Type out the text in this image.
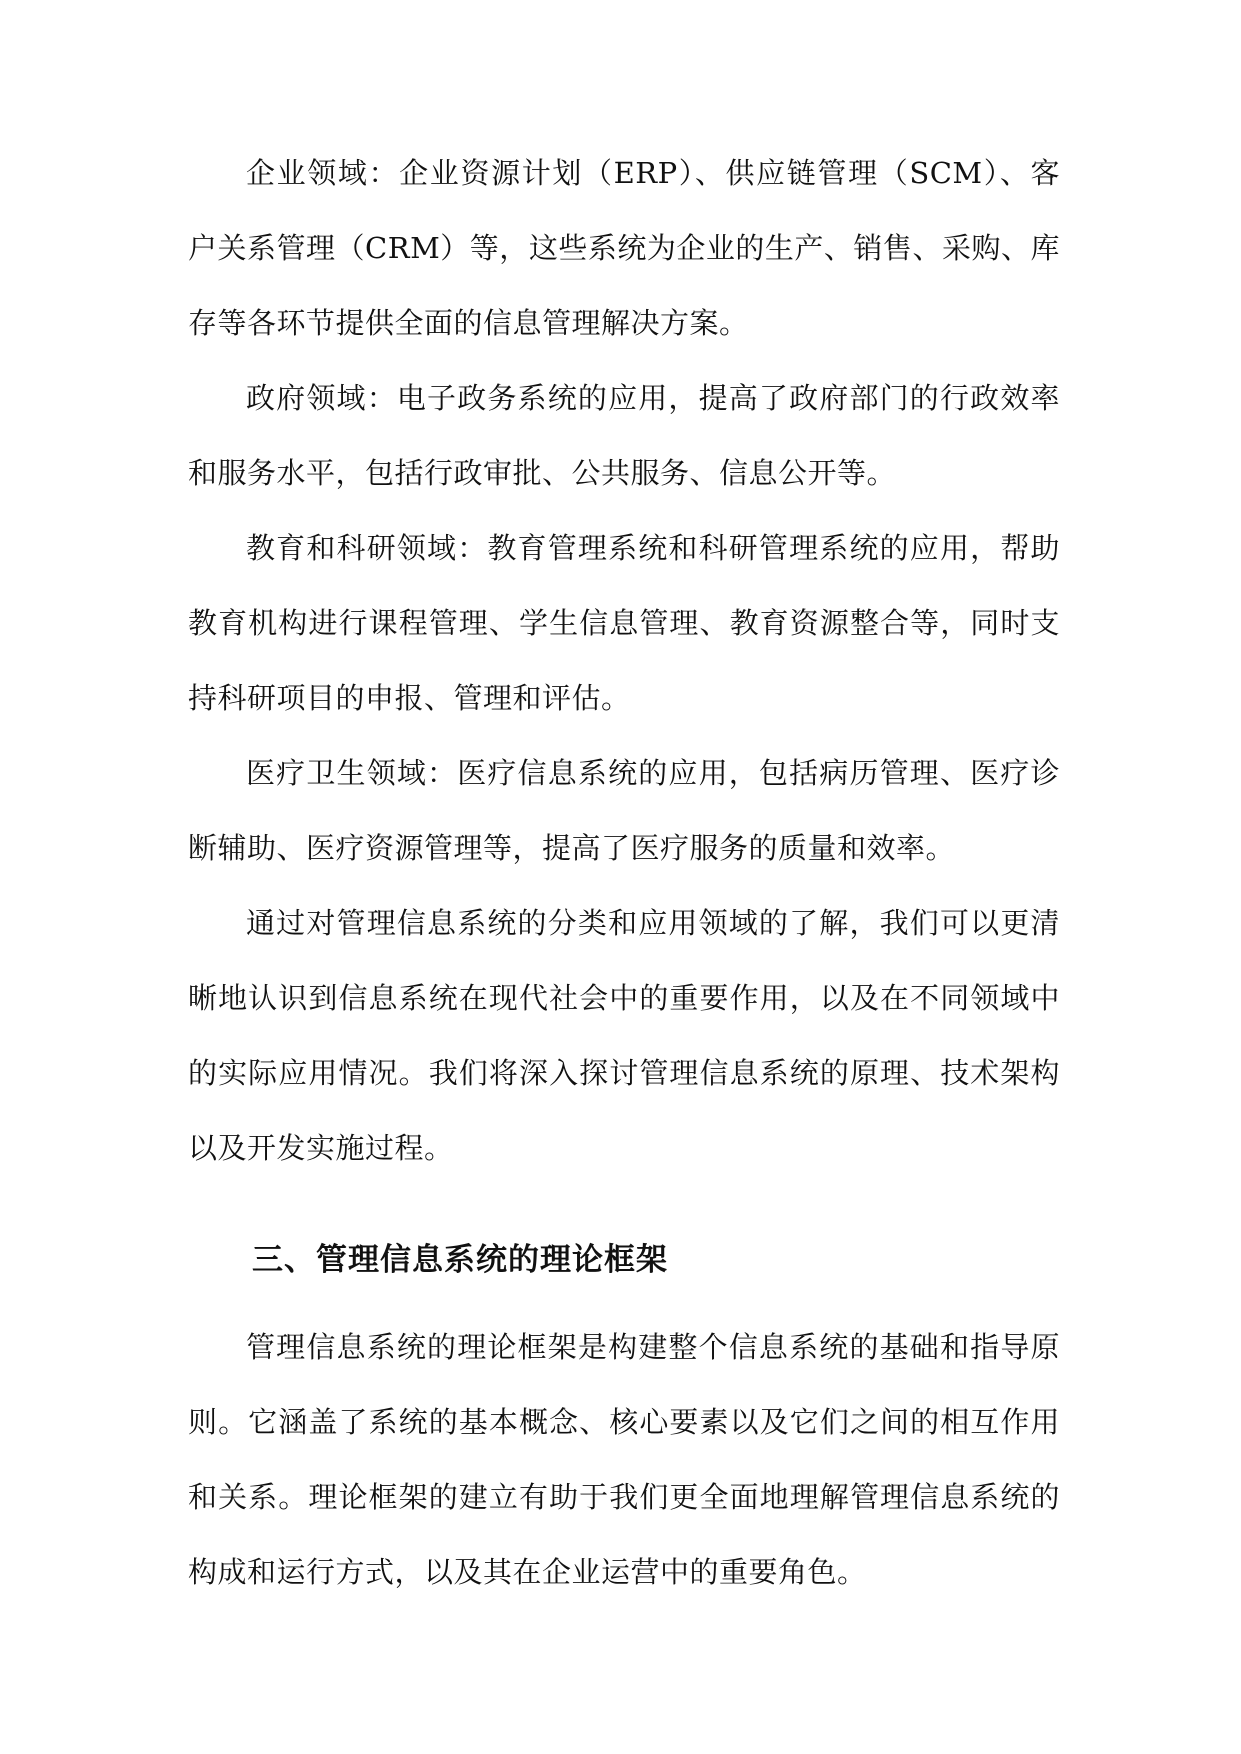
企业领域：企业资源计划（ERP）、供应链管理（SCM）、客户关系管理（CRM）等，这些系统为企业的生产、销售、采购、库存等各环节提供全面的信息管理解决方案。

政府领域：电子政务系统的应用，提高了政府部门的行政效率和服务水平，包括行政审批、公共服务、信息公开等。

教育和科研领域：教育管理系统和科研管理系统的应用，帮助教育机构进行课程管理、学生信息管理、教育资源整合等，同时支持科研项目的申报、管理和评估。

医疗卫生领域：医疗信息系统的应用，包括病历管理、医疗诊断辅助、医疗资源管理等，提高了医疗服务的质量和效率。

通过对管理信息系统的分类和应用领域的了解，我们可以更清晰地认识到信息系统在现代社会中的重要作用，以及在不同领域中的实际应用情况。我们将深入探讨管理信息系统的原理、技术架构以及开发实施过程。

三、管理信息系统的理论框架

管理信息系统的理论框架是构建整个信息系统的基础和指导原则。它涵盖了系统的基本概念、核心要素以及它们之间的相互作用和关系。理论框架的建立有助于我们更全面地理解管理信息系统的构成和运行方式，以及其在企业运营中的重要角色。
